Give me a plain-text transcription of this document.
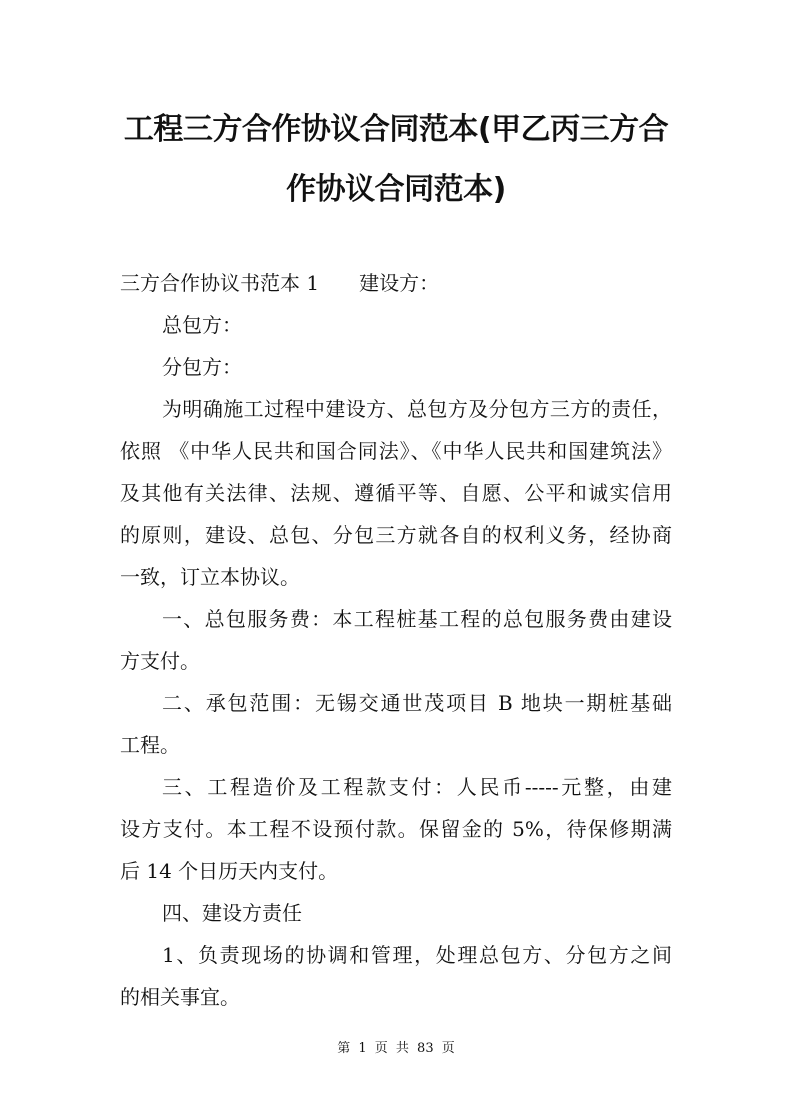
工程三方合作协议合同范本(甲乙丙三方合
作协议合同范本)
三方合作协议书范本 1 建设方：
总包方：
分包方：
为明确施工过程中建设方、总包方及分包方三方的责任，
依照 《中华人民共和国合同法》、《中华人民共和国建筑法》
及其他有关法律、法规、遵循平等、自愿、公平和诚实信用
的原则，建设、总包、分包三方就各自的权利义务，经协商
一致，订立本协议。
一、总包服务费：本工程桩基工程的总包服务费由建设
方支付。
二、承包范围：无锡交通世茂项目 B 地块一期桩基础
工程。
三、工程造价及工程款支付：人民币-----元整，由建
设方支付。本工程不设预付款。保留金的 5%，待保修期满
后 14 个日历天内支付。
四、建设方责任
1、负责现场的协调和管理，处理总包方、分包方之间
的相关事宜。
第 1 页 共 83 页
